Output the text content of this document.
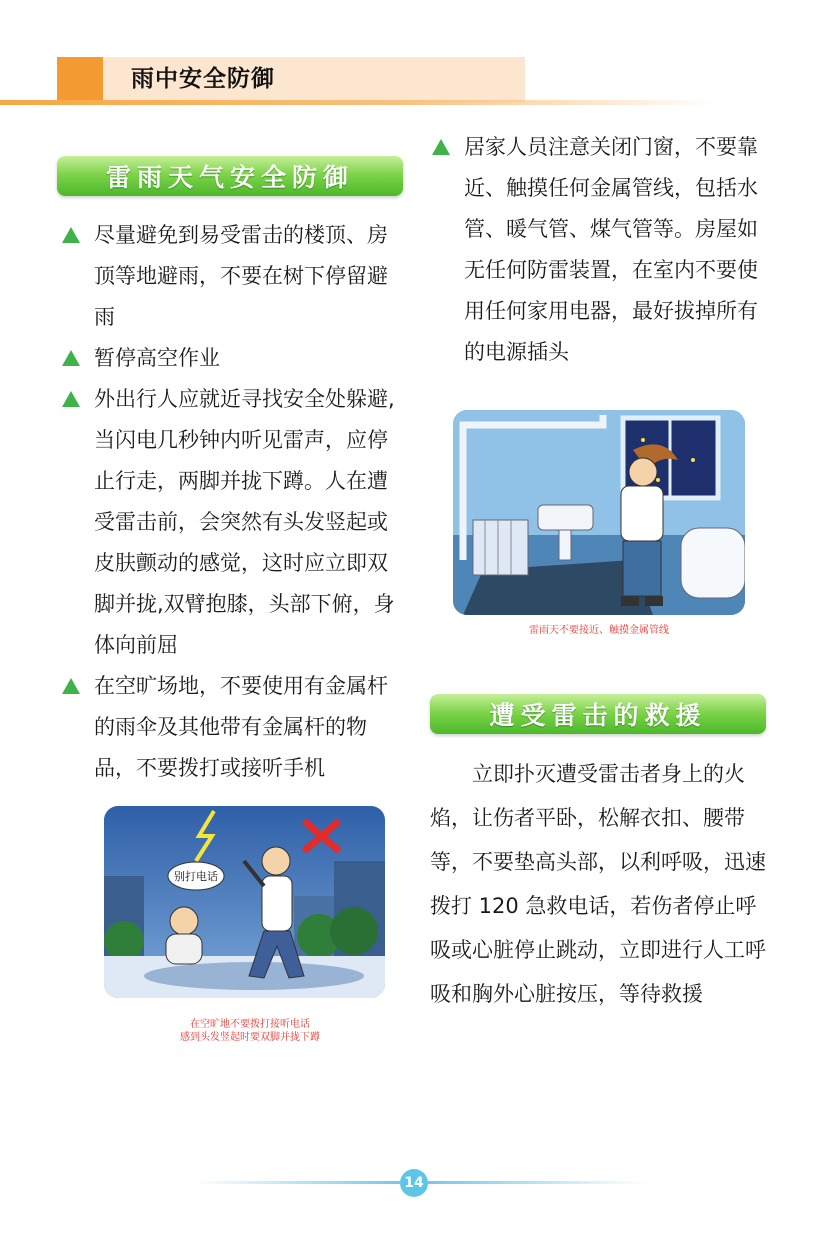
雨中安全防御
雷雨天气安全防御

尽量避免到易受雷击的楼顶、房顶等地避雨，不要在树下停留避雨

暂停高空作业

外出行人应就近寻找安全处躲避,当闪电几秒钟内听见雷声，应停止行走，两脚并拢下蹲。人在遭受雷击前，会突然有头发竖起或皮肤颤动的感觉，这时应立即双脚并拢,双臂抱膝，头部下俯，身体向前屈

在空旷场地，不要使用有金属杆的雨伞及其他带有金属杆的物品，不要拨打或接听手机

别打电话
在空旷地不要拨打接听电话
感到头发竖起时要双脚并拢下蹲

居家人员注意关闭门窗，不要靠近、触摸任何金属管线，包括水管、暖气管、煤气管等。房屋如无任何防雷装置，在室内不要使用任何家用电器，最好拔掉所有的电源插头

雷雨天不要接近、触摸金属管线
遭受雷击的救援

立即扑灭遭受雷击者身上的火焰，让伤者平卧，松解衣扣、腰带等，不要垫高头部，以利呼吸，迅速拨打 120 急救电话，若伤者停止呼吸或心脏停止跳动，立即进行人工呼吸和胸外心脏按压，等待救援

14
